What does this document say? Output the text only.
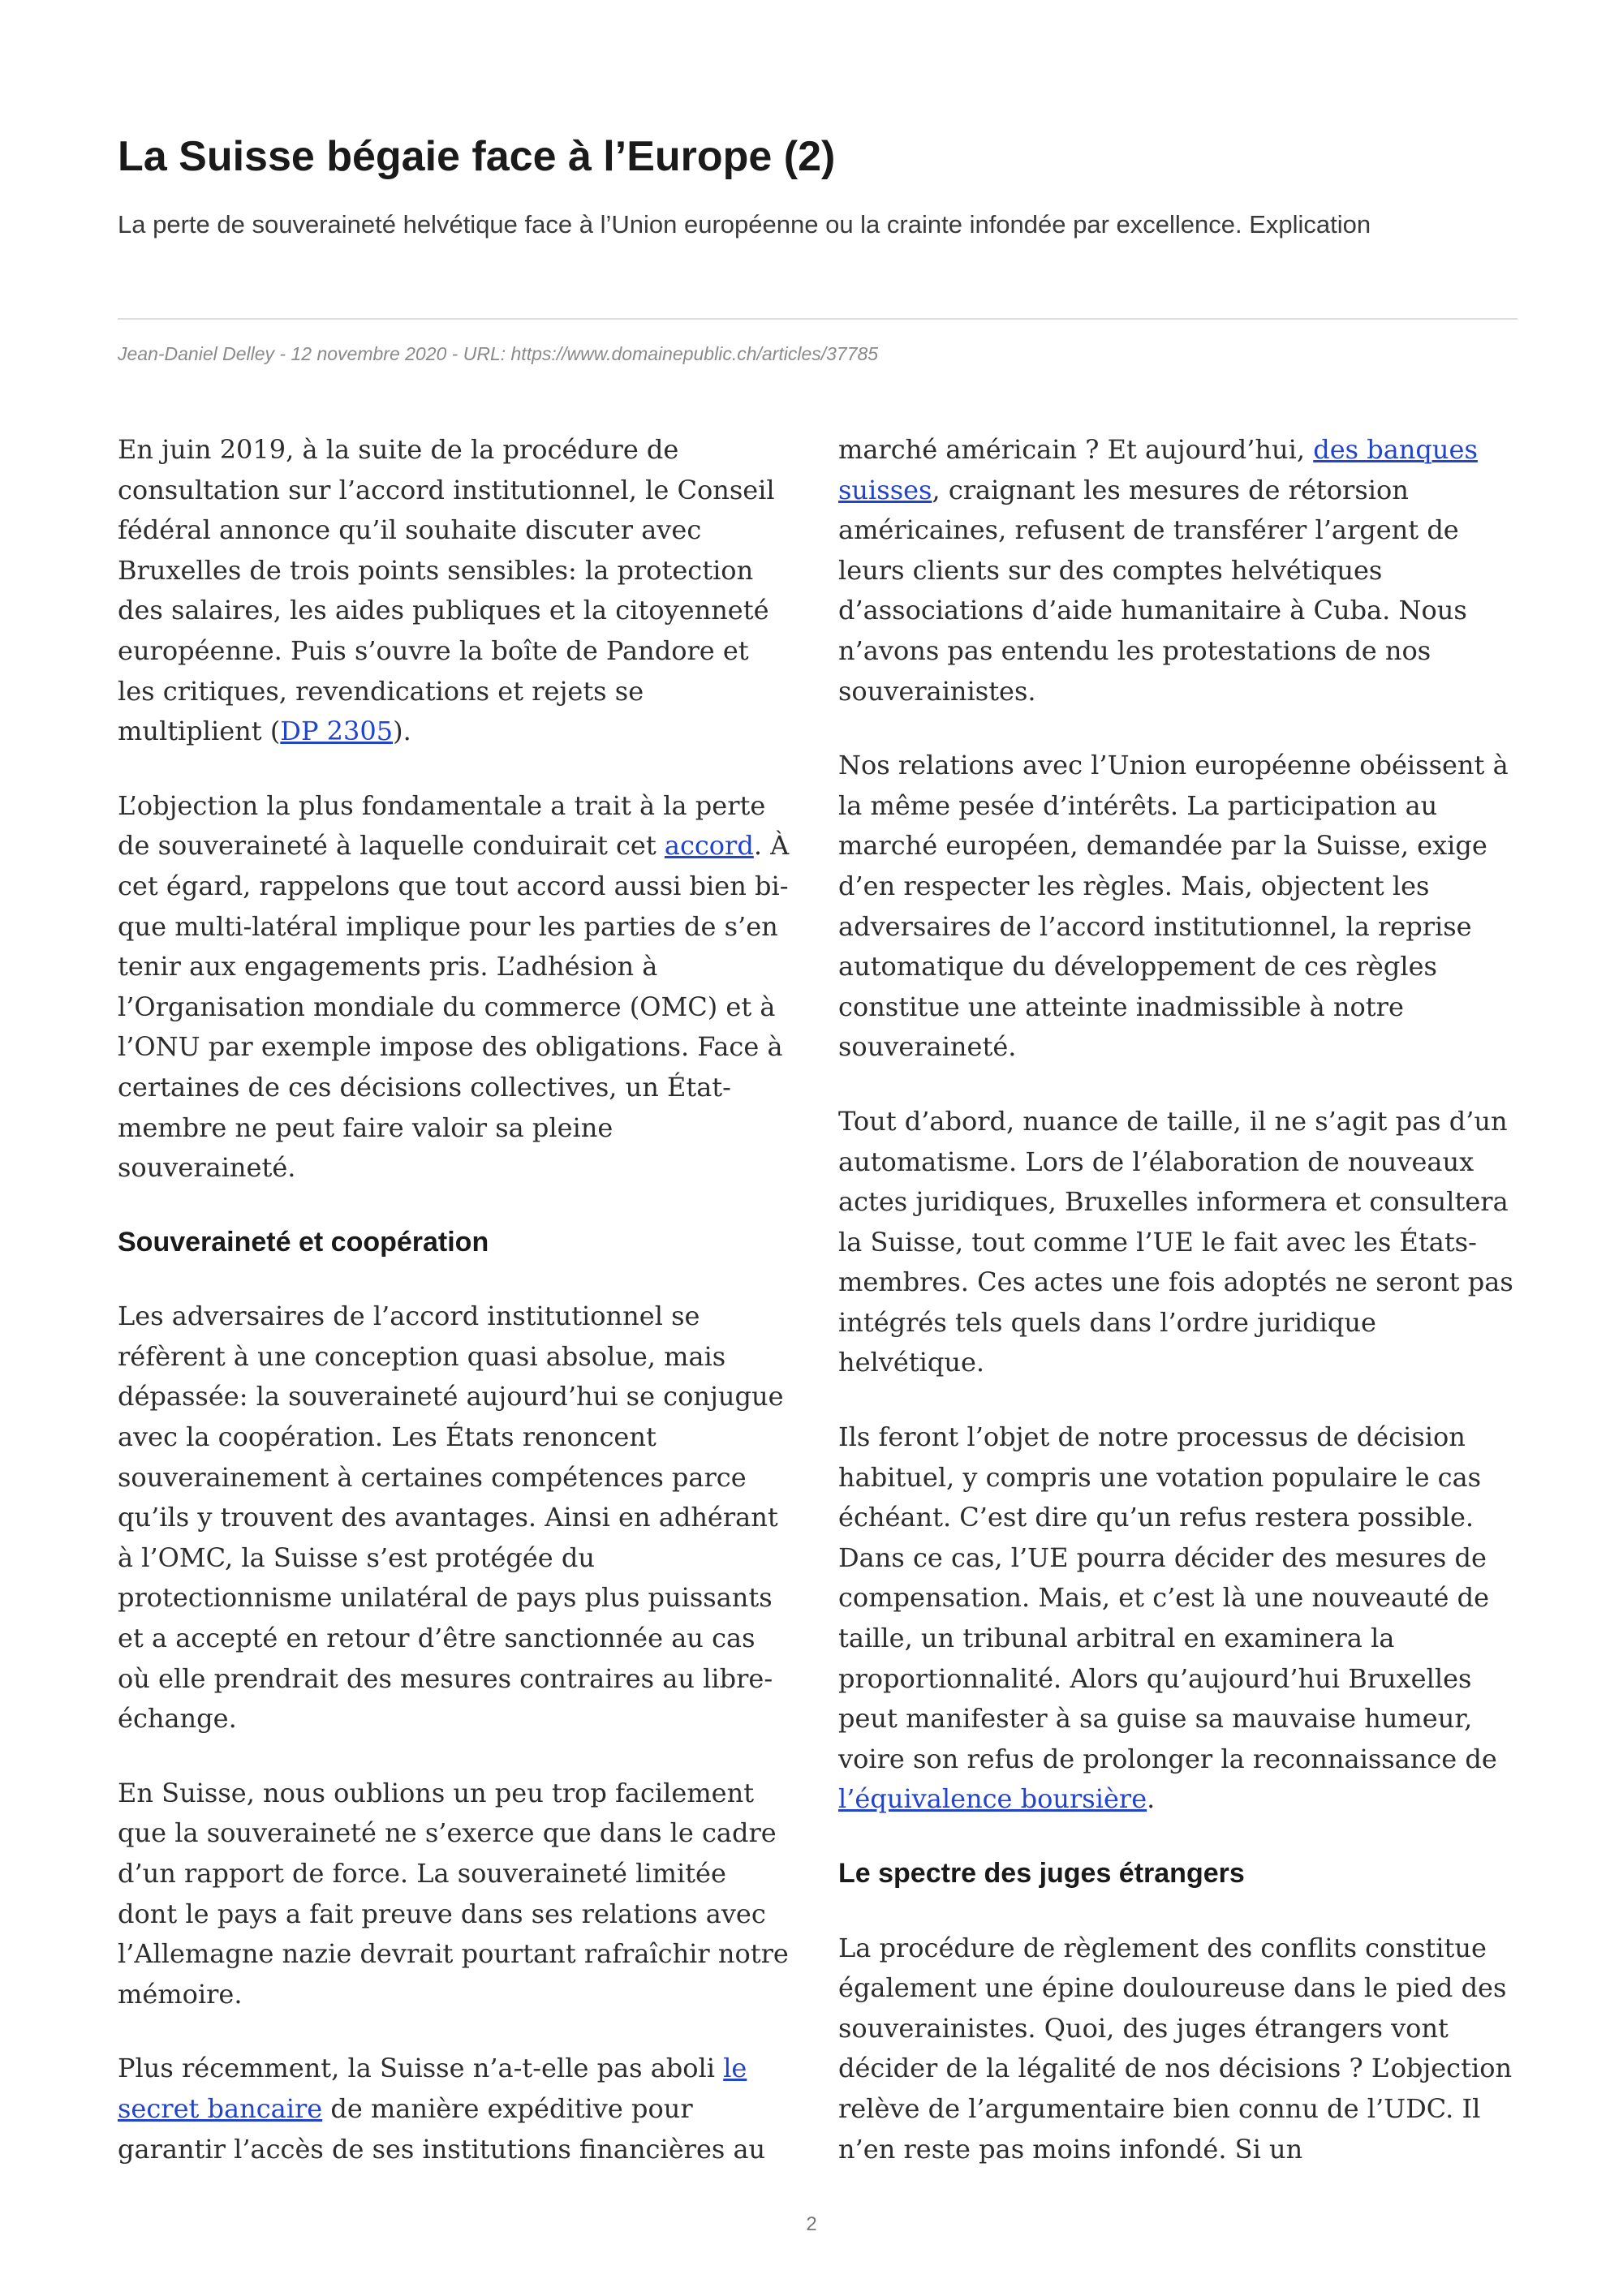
La Suisse bégaie face à l’Europe (2)

La perte de souveraineté helvétique face à l’Union européenne ou la crainte infondée par excellence. Explication

Jean-Daniel Delley - 12 novembre 2020 - URL: https://www.domainepublic.ch/articles/37785

En juin 2019, à la suite de la procédure de consultation sur l’accord institutionnel, le Conseil fédéral annonce qu’il souhaite discuter avec Bruxelles de trois points sensibles: la protection des salaires, les aides publiques et la citoyenneté européenne. Puis s’ouvre la boîte de Pandore et les critiques, revendications et rejets se multiplient (DP 2305).

L’objection la plus fondamentale a trait à la perte de souveraineté à laquelle conduirait cet accord. À cet égard, rappelons que tout accord aussi bien bi- que multi-latéral implique pour les parties de s’en tenir aux engagements pris. L’adhésion à l’Organisation mondiale du commerce (OMC) et à l’ONU par exemple impose des obligations. Face à certaines de ces décisions collectives, un État-membre ne peut faire valoir sa pleine souveraineté.

Souveraineté et coopération

Les adversaires de l’accord institutionnel se réfèrent à une conception quasi absolue, mais dépassée: la souveraineté aujourd’hui se conjugue avec la coopération. Les États renoncent souverainement à certaines compétences parce qu’ils y trouvent des avantages. Ainsi en adhérant à l’OMC, la Suisse s’est protégée du protectionnisme unilatéral de pays plus puissants et a accepté en retour d’être sanctionnée au cas où elle prendrait des mesures contraires au libre-échange.

En Suisse, nous oublions un peu trop facilement que la souveraineté ne s’exerce que dans le cadre d’un rapport de force. La souveraineté limitée dont le pays a fait preuve dans ses relations avec l’Allemagne nazie devrait pourtant rafraîchir notre mémoire.

Plus récemment, la Suisse n’a-t-elle pas aboli le secret bancaire de manière expéditive pour garantir l’accès de ses institutions financières au

marché américain ? Et aujourd’hui, des banques suisses, craignant les mesures de rétorsion américaines, refusent de transférer l’argent de leurs clients sur des comptes helvétiques d’associations d’aide humanitaire à Cuba. Nous n’avons pas entendu les protestations de nos souverainistes.

Nos relations avec l’Union européenne obéissent à la même pesée d’intérêts. La participation au marché européen, demandée par la Suisse, exige d’en respecter les règles. Mais, objectent les adversaires de l’accord institutionnel, la reprise automatique du développement de ces règles constitue une atteinte inadmissible à notre souveraineté.

Tout d’abord, nuance de taille, il ne s’agit pas d’un automatisme. Lors de l’élaboration de nouveaux actes juridiques, Bruxelles informera et consultera la Suisse, tout comme l’UE le fait avec les États-membres. Ces actes une fois adoptés ne seront pas intégrés tels quels dans l’ordre juridique helvétique.

Ils feront l’objet de notre processus de décision habituel, y compris une votation populaire le cas échéant. C’est dire qu’un refus restera possible. Dans ce cas, l’UE pourra décider des mesures de compensation. Mais, et c’est là une nouveauté de taille, un tribunal arbitral en examinera la proportionnalité. Alors qu’aujourd’hui Bruxelles peut manifester à sa guise sa mauvaise humeur, voire son refus de prolonger la reconnaissance de l’équivalence boursière.

Le spectre des juges étrangers

La procédure de règlement des conflits constitue également une épine douloureuse dans le pied des souverainistes. Quoi, des juges étrangers vont décider de la légalité de nos décisions ? L’objection relève de l’argumentaire bien connu de l’UDC. Il n’en reste pas moins infondé. Si un

2
